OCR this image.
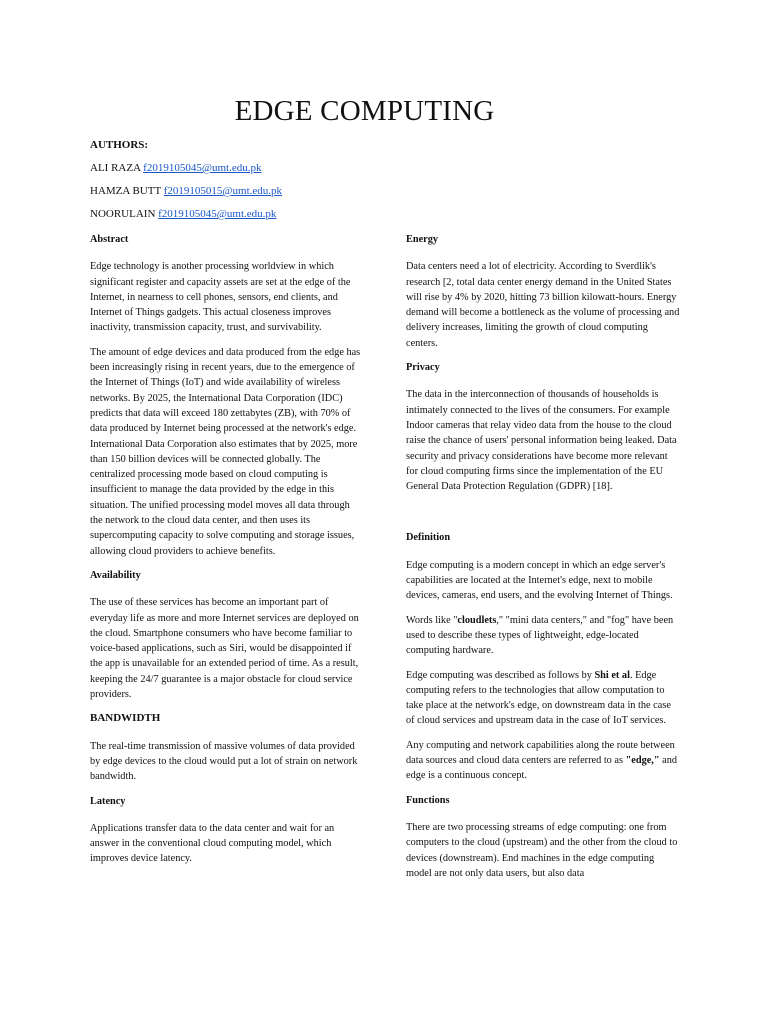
EDGE COMPUTING
AUTHORS:
ALI RAZA f2019105045@umt.edu.pk
HAMZA BUTT f2019105015@umt.edu.pk
NOORULAIN f2019105045@umt.edu.pk

Abstract

Edge technology is another processing worldview in which significant register and capacity assets are set at the edge of the Internet, in nearness to cell phones, sensors, end clients, and Internet of Things gadgets. This actual closeness improves inactivity, transmission capacity, trust, and survivability.

The amount of edge devices and data produced from the edge has been increasingly rising in recent years, due to the emergence of the Internet of Things (IoT) and wide availability of wireless networks. By 2025, the International Data Corporation (IDC) predicts that data will exceed 180 zettabytes (ZB), with 70% of data produced by Internet being processed at the network's edge. International Data Corporation also estimates that by 2025, more than 150 billion devices will be connected globally. The centralized processing mode based on cloud computing is insufficient to manage the data provided by the edge in this situation. The unified processing model moves all data through the network to the cloud data center, and then uses its supercomputing capacity to solve computing and storage issues, allowing cloud providers to achieve benefits.

Availability

The use of these services has become an important part of everyday life as more and more Internet services are deployed on the cloud. Smartphone consumers who have become familiar to voice-based applications, such as Siri, would be disappointed if the app is unavailable for an extended period of time. As a result, keeping the 24/7 guarantee is a major obstacle for cloud service providers.

BANDWIDTH

The real-time transmission of massive volumes of data provided by edge devices to the cloud would put a lot of strain on network bandwidth.

Latency

Applications transfer data to the data center and wait for an answer in the conventional cloud computing model, which improves device latency.

Energy

Data centers need a lot of electricity. According to Sverdlik's research [2, total data center energy demand in the United States will rise by 4% by 2020, hitting 73 billion kilowatt-hours. Energy demand will become a bottleneck as the volume of processing and delivery increases, limiting the growth of cloud computing centers.

Privacy

The data in the interconnection of thousands of households is intimately connected to the lives of the consumers. For example Indoor cameras that relay video data from the house to the cloud raise the chance of users' personal information being leaked. Data security and privacy considerations have become more relevant for cloud computing firms since the implementation of the EU General Data Protection Regulation (GDPR) [18].

Definition

Edge computing is a modern concept in which an edge server's capabilities are located at the Internet's edge, next to mobile devices, cameras, end users, and the evolving Internet of Things.

Words like "cloudlets," "mini data centers," and "fog" have been used to describe these types of lightweight, edge-located computing hardware.

Edge computing was described as follows by Shi et al. Edge computing refers to the technologies that allow computation to take place at the network's edge, on downstream data in the case of cloud services and upstream data in the case of IoT services.

Any computing and network capabilities along the route between data sources and cloud data centers are referred to as "edge," and edge is a continuous concept.

Functions

There are two processing streams of edge computing: one from computers to the cloud (upstream) and the other from the cloud to devices (downstream). End machines in the edge computing model are not only data users, but also data
